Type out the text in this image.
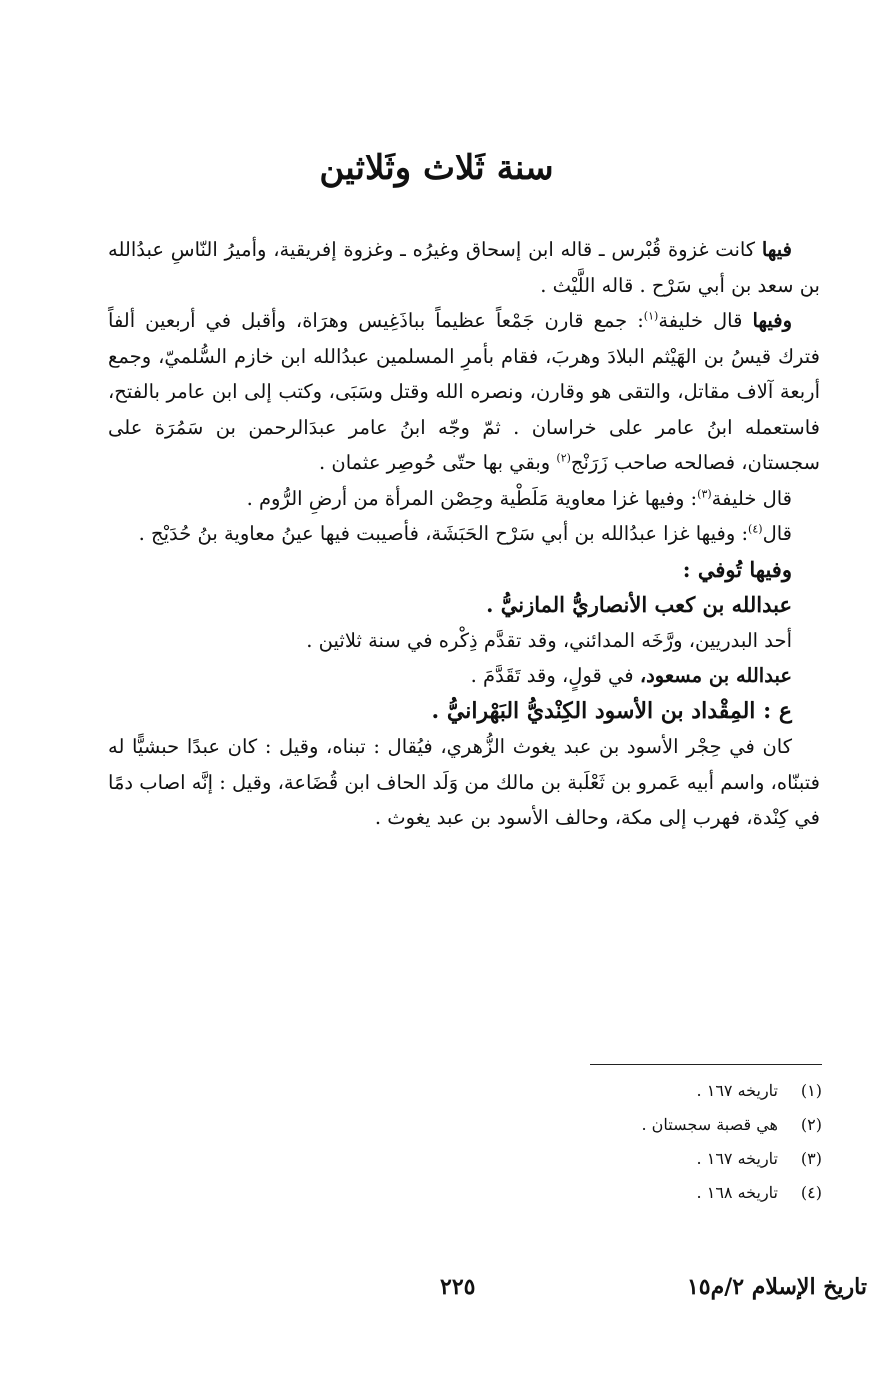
سنة ثَلاث وثَلاثين

فيها كانت غزوة قُبْرس ـ قاله ابن إسحاق وغيرُه ـ وغزوة إفريقية، وأميرُ النّاسِ عبدُالله بن سعد بن أبي سَرْح . قاله اللَّيْث .

وفيها قال خليفة$^{(١)}$: جمع قارن جَمْعاً عظيماً بباذَغِيس وهرَاة، وأقبل في أربعين ألفاً فترك قيسُ بن الهَيْثم البلادَ وهربَ، فقام بأمرِ المسلمين عبدُالله ابن خازم السُّلميّ، وجمع أربعة آلاف مقاتل، والتقى هو وقارن، ونصره الله وقتل وسَبَى، وكتب إلى ابن عامر بالفتح، فاستعمله ابنُ عامر على خراسان . ثمّ وجّه ابنُ عامر عبدَالرحمن بن سَمُرَة على سجستان، فصالحه صاحب زَرَنْج$^{(٢)}$ وبقي بها حتّى حُوصِر عثمان .

قال خليفة$^{(٣)}$: وفيها غزا معاوية مَلَطْية وحِصْن المرأة من أرضِ الرُّوم .

قال$^{(٤)}$: وفيها غزا عبدُالله بن أبي سَرْح الحَبَشَة، فأصيبت فيها عينُ معاوية بنُ حُدَيْج .

وفيها تُوفي :

عبدالله بن كعب الأنصاريُّ المازنيُّ .

أحد البدريين، ورَّخَه المدائني، وقد تقدَّم ذِكْره في سنة ثلاثين .

عبدالله بن مسعود، في قولٍ، وقد تَقَدَّمَ .

ع : المِقْداد بن الأسود الكِنْديُّ البَهْرانيُّ .

كان في حِجْر الأسود بن عبد يغوث الزُّهري، فيُقال : تبناه، وقيل : كان عبدًا حبشيًّا له فتبنّاه، واسم أبيه عَمرو بن ثَعْلَبة بن مالك من وَلَد الحاف ابن قُضَاعة، وقيل : إنَّه اصاب دمًا في كِنْدة، فهرب إلى مكة، وحالف الأسود بن عبد يغوث .

(١)
تاريخه ١٦٧ .
(٢)
هي قصبة سجستان .
(٣)
تاريخه ١٦٧ .
(٤)
تاريخه ١٦٨ .
تاريخ الإسلام ٢/م١٥
٢٢٥
